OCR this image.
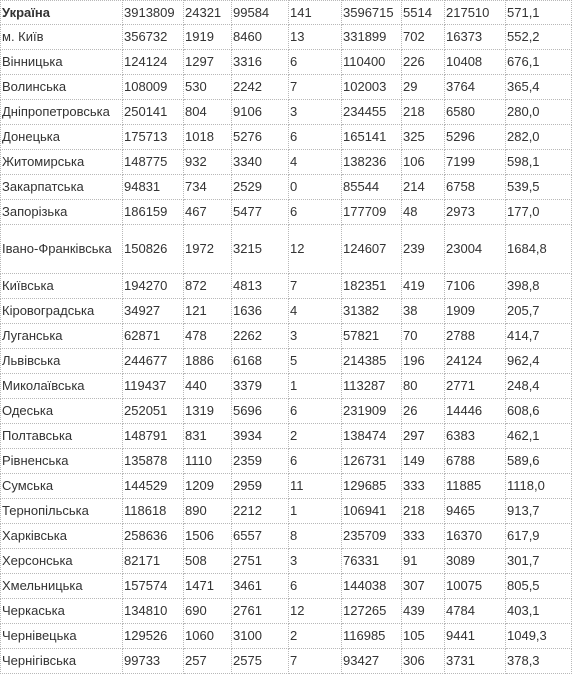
Україна	3913809	24321	99584	141	3596715	5514	217510	571,1
м. Київ	356732	1919	8460	13	331899	702	16373	552,2
Вінницька	124124	1297	3316	6	110400	226	10408	676,1
Волинська	108009	530	2242	7	102003	29	3764	365,4
Дніпропетровська	250141	804	9106	3	234455	218	6580	280,0
Донецька	175713	1018	5276	6	165141	325	5296	282,0
Житомирська	148775	932	3340	4	138236	106	7199	598,1
Закарпатська	94831	734	2529	0	85544	214	6758	539,5
Запорізька	186159	467	5477	6	177709	48	2973	177,0
Івано-Франківська	150826	1972	3215	12	124607	239	23004	1684,8
Київська	194270	872	4813	7	182351	419	7106	398,8
Кіровоградська	34927	121	1636	4	31382	38	1909	205,7
Луганська	62871	478	2262	3	57821	70	2788	414,7
Львівська	244677	1886	6168	5	214385	196	24124	962,4
Миколаївська	119437	440	3379	1	113287	80	2771	248,4
Одеська	252051	1319	5696	6	231909	26	14446	608,6
Полтавська	148791	831	3934	2	138474	297	6383	462,1
Рівненська	135878	1110	2359	6	126731	149	6788	589,6
Сумська	144529	1209	2959	11	129685	333	11885	1118,0
Тернопільська	118618	890	2212	1	106941	218	9465	913,7
Харківська	258636	1506	6557	8	235709	333	16370	617,9
Херсонська	82171	508	2751	3	76331	91	3089	301,7
Хмельницька	157574	1471	3461	6	144038	307	10075	805,5
Черкаська	134810	690	2761	12	127265	439	4784	403,1
Чернівецька	129526	1060	3100	2	116985	105	9441	1049,3
Чернігівська	99733	257	2575	7	93427	306	3731	378,3
